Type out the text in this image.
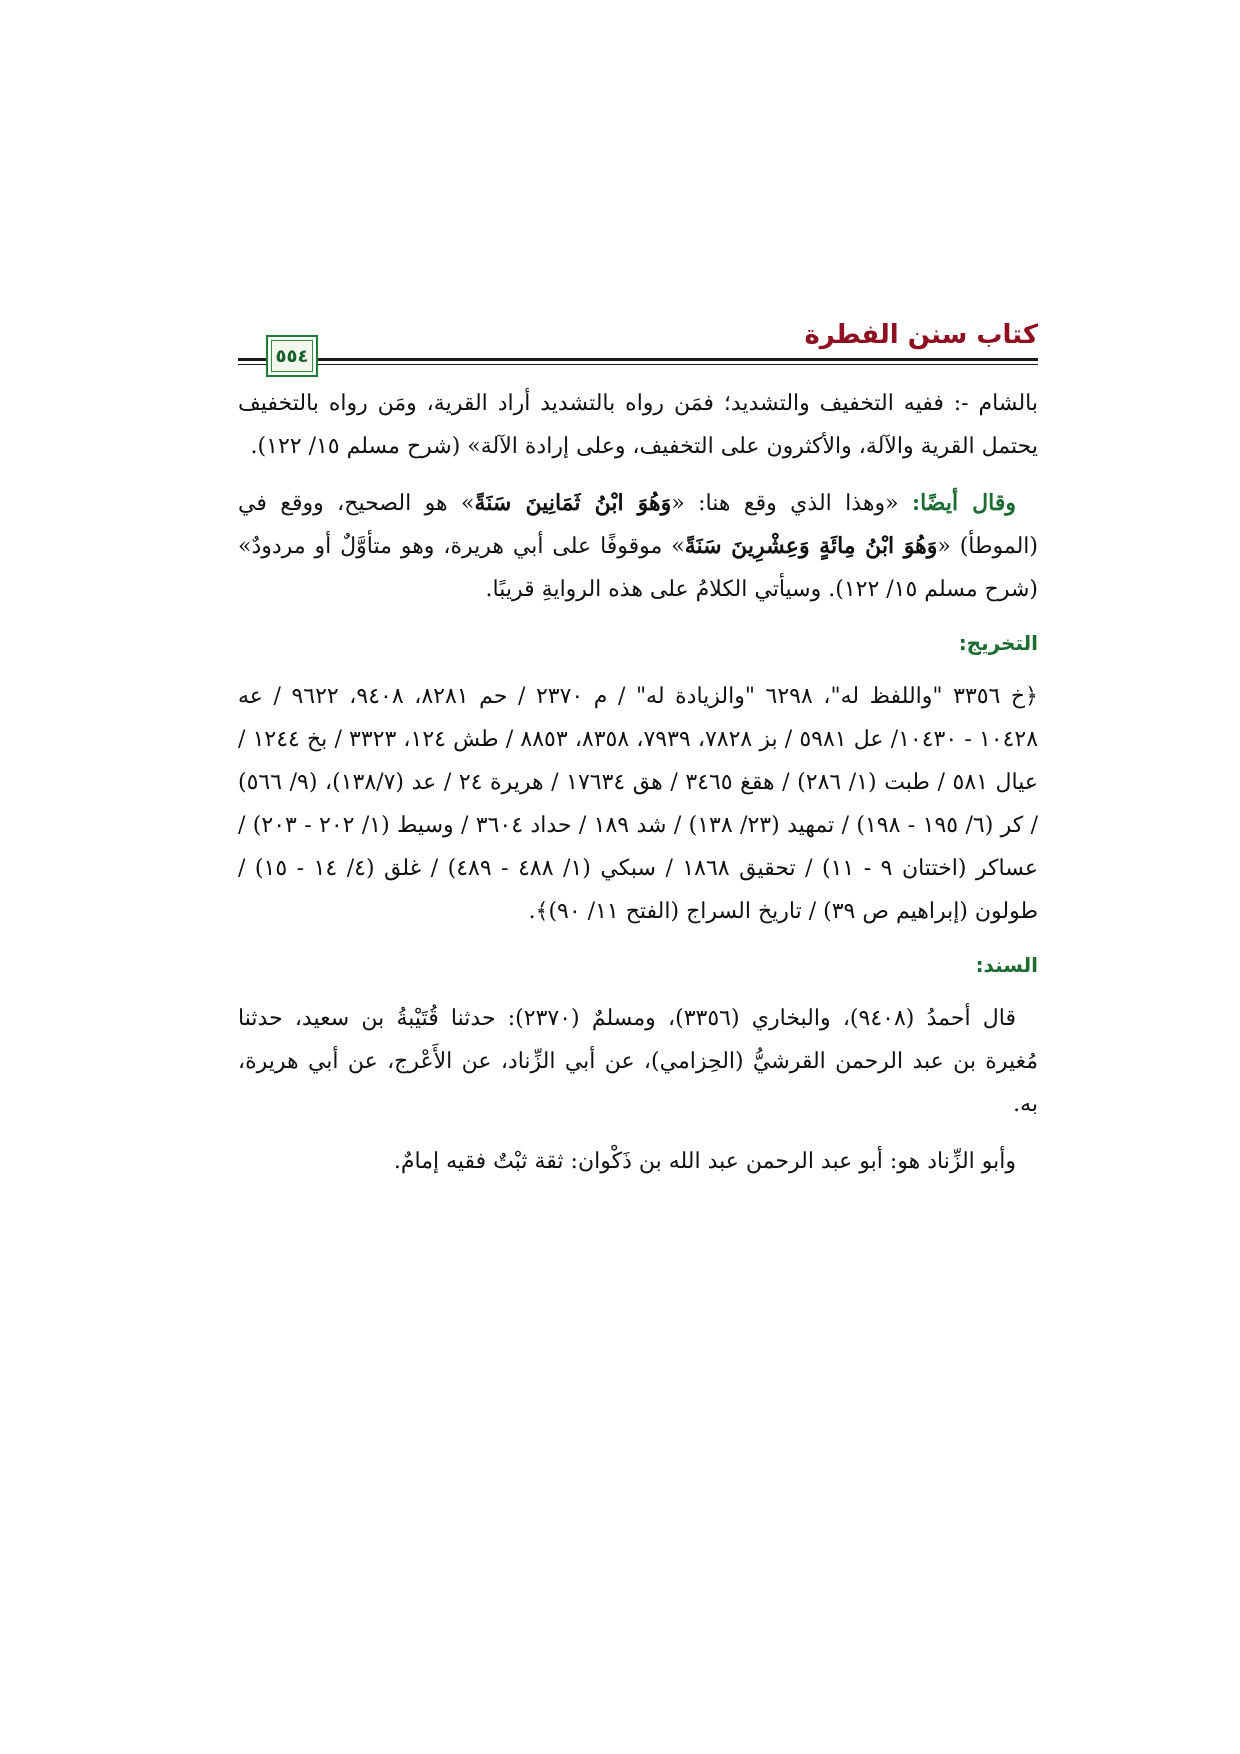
كتاب سنن الفطرة
٥٥٤

بالشام -: ففيه التخفيف والتشديد؛ فمَن رواه بالتشديد أراد القرية، ومَن رواه بالتخفيف يحتمل القرية والآلة، والأكثرون على التخفيف، وعلى إرادة الآلة» (شرح مسلم ١٥/ ١٢٢).

وقال أيضًا: «وهذا الذي وقع هنا: «وَهُوَ ابْنُ ثَمَانِينَ سَنَةً» هو الصحيح، ووقع في (الموطأ) «وَهُوَ ابْنُ مِائَةٍ وَعِشْرِينَ سَنَةً» موقوفًا على أبي هريرة، وهو متأوَّلٌ أو مردودٌ» (شرح مسلم ١٥/ ١٢٢). وسيأتي الكلامُ على هذه الروايةِ قريبًا.

التخريج:

﴿خ ٣٣٥٦ "واللفظ له"، ٦٢٩٨ "والزيادة له" / م ٢٣٧٠ / حم ٨٢٨١، ٩٤٠٨، ٩٦٢٢ / عه ١٠٤٢٨ - ١٠٤٣٠/ عل ٥٩٨١ / بز ٧٨٢٨، ٧٩٣٩، ٨٣٥٨، ٨٨٥٣ / طش ١٢٤، ٣٣٢٣ / بخ ١٢٤٤ / عيال ٥٨١ / طبت (١/ ٢٨٦) / هقغ ٣٤٦٥ / هق ١٧٦٣٤ / هريرة ٢٤ / عد (١٣٨/٧)، (٩/ ٥٦٦) / كر (٦/ ١٩٥ - ١٩٨) / تمهيد (٢٣/ ١٣٨) / شد ١٨٩ / حداد ٣٦٠٤ / وسيط (١/ ٢٠٢ - ٢٠٣) / عساكر (اختتان ٩ - ١١) / تحقيق ١٨٦٨ / سبكي (١/ ٤٨٨ - ٤٨٩) / غلق (٤/ ١٤ - ١٥) / طولون (إبراهيم ص ٣٩) / تاريخ السراج (الفتح ١١/ ٩٠)﴾.

السند:

قال أحمدُ (٩٤٠٨)، والبخاري (٣٣٥٦)، ومسلمٌ (٢٣٧٠): حدثنا قُتَيْبةُ بن سعيد، حدثنا مُغيرة بن عبد الرحمن القرشيُّ (الحِزامي)، عن أبي الزِّناد، عن الأَعْرج، عن أبي هريرة، به.

وأبو الزِّناد هو: أبو عبد الرحمن عبد الله بن ذَكْوان: ثقة ثبْتٌ فقيه إمامٌ.
